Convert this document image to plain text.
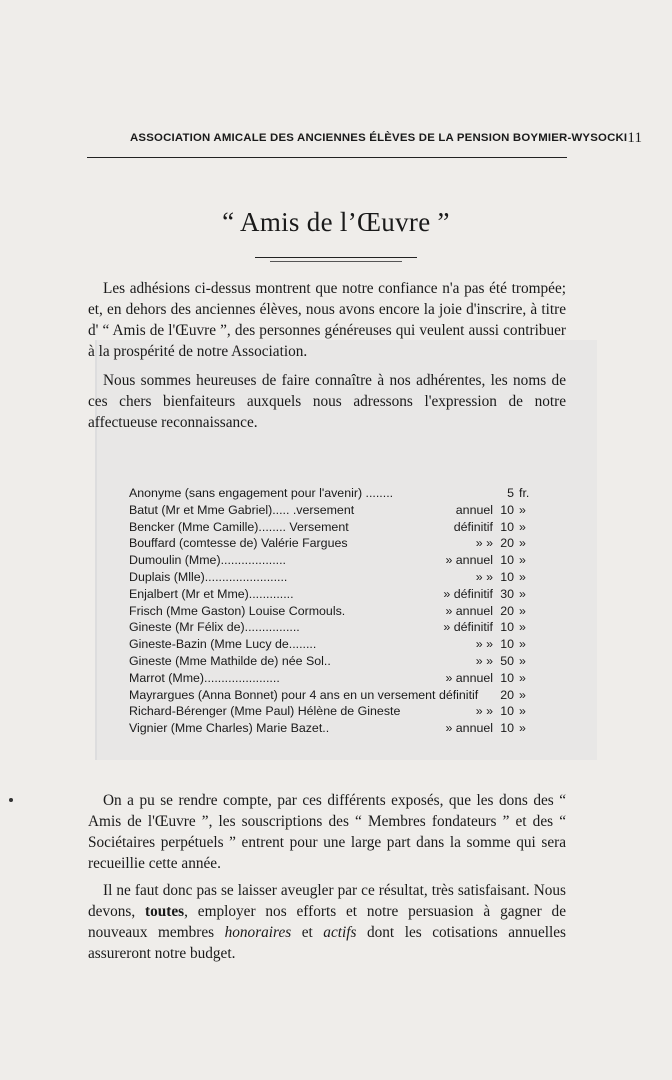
ASSOCIATION AMICALE DES ANCIENNES ÉLÈVES DE LA PENSION BOYMIER-WYSOCKI 11
“ Amis de l’Œuvre ”

Les adhésions ci-dessus montrent que notre confiance n'a pas été trompée; et, en dehors des anciennes élèves, nous avons encore la joie d'inscrire, à titre d' “ Amis de l'Œuvre ”, des personnes généreuses qui veulent aussi contribuer à la prospérité de notre Association.

Nous sommes heureuses de faire connaître à nos adhérentes, les noms de ces chers bienfaiteurs auxquels nous adressons l'expression de notre affectueuse reconnaissance.

Anonyme (sans engagement pour l'avenir) ........	5 fr.
Batut (Mr et Mme Gabriel)..... .versement	annuel 10 »
Bencker (Mme Camille)........ Versement	définitif 10 »
Bouffard (comtesse de) Valérie Fargues	» » 20 »
Dumoulin (Mme)...................	» annuel 10 »
Duplais (Mlle)........................	» » 10 »
Enjalbert (Mr et Mme).............	» définitif 30 »
Frisch (Mme Gaston) Louise Cormouls.	» annuel 20 »
Gineste (Mr Félix de)................	» définitif 10 »
Gineste-Bazin (Mme Lucy de........	» » 10 »
Gineste (Mme Mathilde de) née Sol..	» » 50 »
Marrot (Mme)......................	» annuel 10 »
Mayrargues (Anna Bonnet) pour 4 ans en un versement définitif	20 »
Richard-Bérenger (Mme Paul) Hélène de Gineste	» » 10 »
Vignier (Mme Charles) Marie Bazet..	» annuel 10 »

On a pu se rendre compte, par ces différents exposés, que les dons des “ Amis de l'Œuvre ”, les souscriptions des “ Membres fondateurs ” et des “ Sociétaires perpétuels ” entrent pour une large part dans la somme qui sera recueillie cette année.

Il ne faut donc pas se laisser aveugler par ce résultat, très satisfaisant. Nous devons, toutes, employer nos efforts et notre persuasion à gagner de nouveaux membres honoraires et actifs dont les cotisations annuelles assureront notre budget.
